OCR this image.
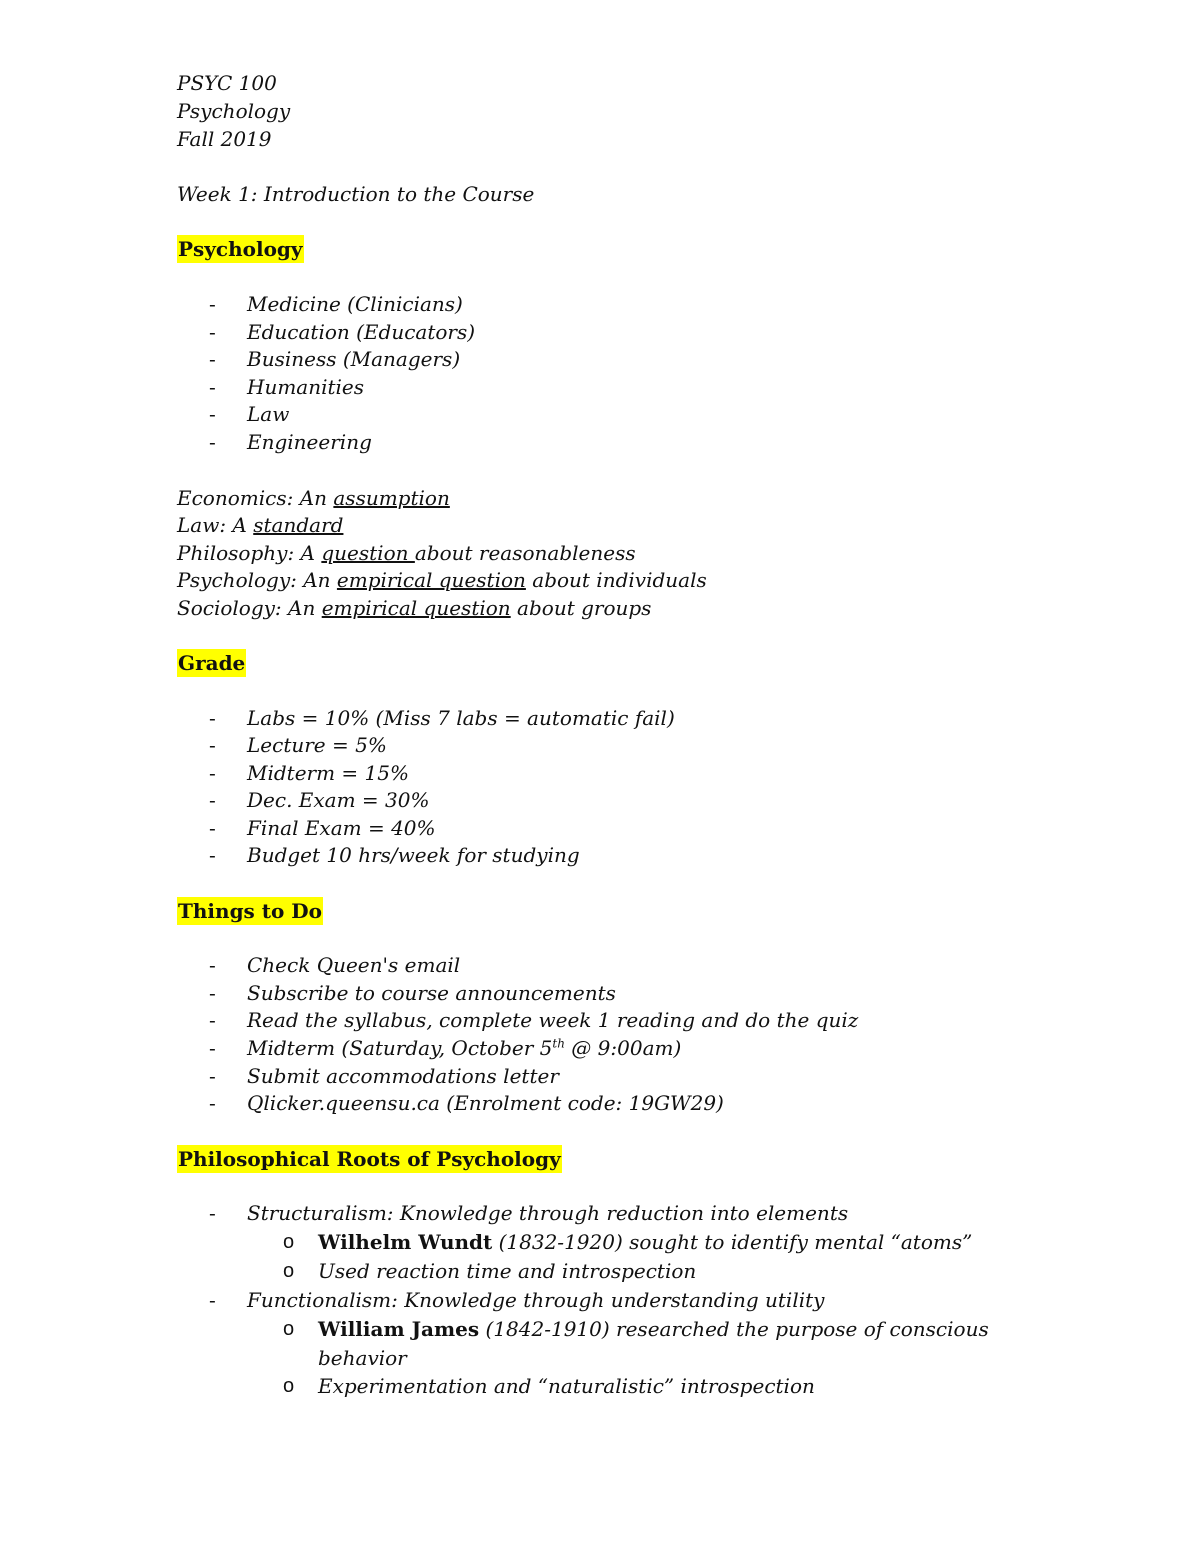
PSYC 100
Psychology
Fall 2019
Week 1: Introduction to the Course
Psychology
- Medicine (Clinicians)
- Education (Educators)
- Business (Managers)
- Humanities
- Law
- Engineering
Economics: An assumption
Law: A standard
Philosophy: A question about reasonableness
Psychology: An empirical question about individuals
Sociology: An empirical question about groups
Grade
- Labs = 10% (Miss 7 labs = automatic fail)
- Lecture = 5%
- Midterm = 15%
- Dec. Exam = 30%
- Final Exam = 40%
- Budget 10 hrs/week for studying
Things to Do
- Check Queen's email
- Subscribe to course announcements
- Read the syllabus, complete week 1 reading and do the quiz
- Midterm (Saturday, October 5th @ 9:00am)
- Submit accommodations letter
- Qlicker.queensu.ca (Enrolment code: 19GW29)
Philosophical Roots of Psychology
- Structuralism: Knowledge through reduction into elements
o Wilhelm Wundt (1832-1920) sought to identify mental “atoms”
o Used reaction time and introspection
- Functionalism: Knowledge through understanding utility
o William James (1842-1910) researched the purpose of conscious
behavior
o Experimentation and “naturalistic” introspection
